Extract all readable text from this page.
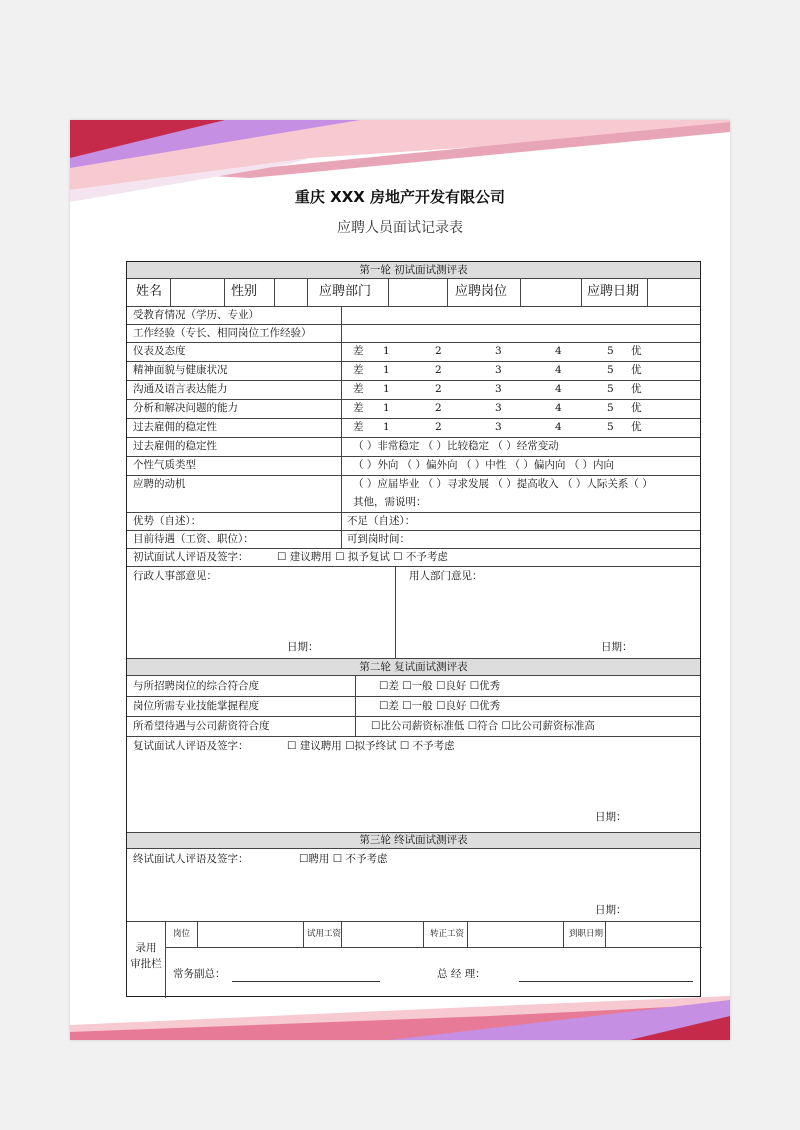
重庆 XXX 房地产开发有限公司
应聘人员面试记录表
第一轮 初试面试测评表
姓名	性别	应聘部门	应聘岗位	应聘日期
受教育情况（学历、专业）
工作经验（专长、相同岗位工作经验）
仪表及态度	差 1	2	3	4	5 优
精神面貌与健康状况	差 1	2	3	4	5 优
沟通及语言表达能力	差 1	2	3	4	5 优
分析和解决问题的能力	差 1	2	3	4	5 优
过去雇佣的稳定性	差 1	2	3	4	5 优
过去雇佣的稳定性	（ ）非常稳定 （ ）比较稳定 （ ）经常变动
个性气质类型	（ ）外向 （ ）偏外向 （ ）中性 （ ）偏内向 （ ）内向
应聘的动机	（ ）应届毕业 （ ）寻求发展 （ ）提高收入 （ ）人际关系（ ）
其他，需说明：
优势（自述）：	不足（自述）：
目前待遇（工资、职位）：	可到岗时间：
初试面试人评语及签字：	☐ 建议聘用 ☐ 拟予复试 ☐ 不予考虑
行政人事部意见：	用人部门意见：
日期：	日期：
第二轮 复试面试测评表
与所招聘岗位的综合符合度	☐差 ☐一般 ☐良好 ☐优秀
岗位所需专业技能掌握程度	☐差 ☐一般 ☐良好 ☐优秀
所希望待遇与公司薪资符合度	☐比公司薪资标准低 ☐符合 ☐比公司薪资标准高
复试面试人评语及签字：	☐ 建议聘用 ☐拟予终试 ☐ 不予考虑
日期：
第三轮 终试面试测评表
终试面试人评语及签字：	☐聘用 ☐ 不予考虑
日期：
录用
审批栏
岗位	试用工资	转正工资	到职日期
常务副总：	总 经 理：
